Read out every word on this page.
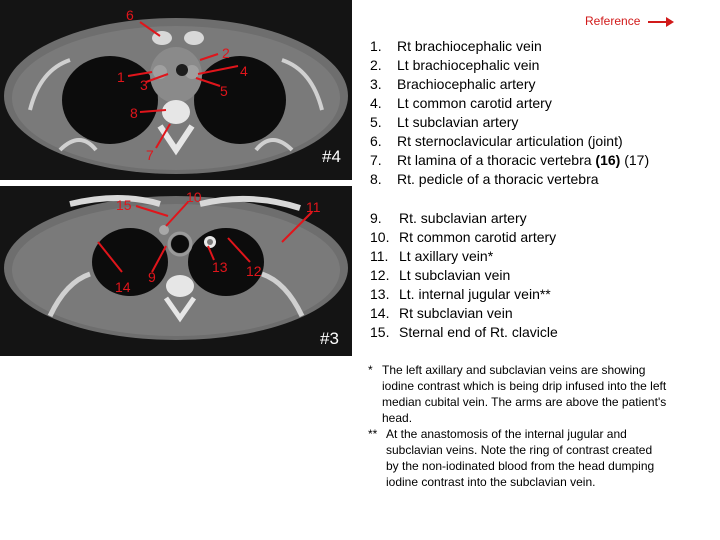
Reference
6
2
4
1 3	5
8
7	#4
15	10
11
14
9
13 12
#3
1. Rt brachiocephalic vein
2. Lt brachiocephalic vein
3. Brachiocephalic artery
4. Lt common carotid artery
5. Lt subclavian artery
6. Rt sternoclavicular articulation (joint)
7. Rt lamina of a thoracic vertebra (16) (17)
8. Rt. pedicle of a thoracic vertebra
9. Rt. subclavian artery
10. Rt common carotid artery
11. Lt axillary vein*
12. Lt subclavian vein
13. Lt. internal jugular vein**
14. Rt subclavian vein
15. Sternal end of Rt. clavicle

* The left axillary and subclavian veins are showing iodine contrast which is being drip infused into the left median cubital vein. The arms are above the patient's head.

** At the anastomosis of the internal jugular and subclavian veins. Note the ring of contrast created by the non-iodinated blood from the head dumping iodine contrast into the subclavian vein.
